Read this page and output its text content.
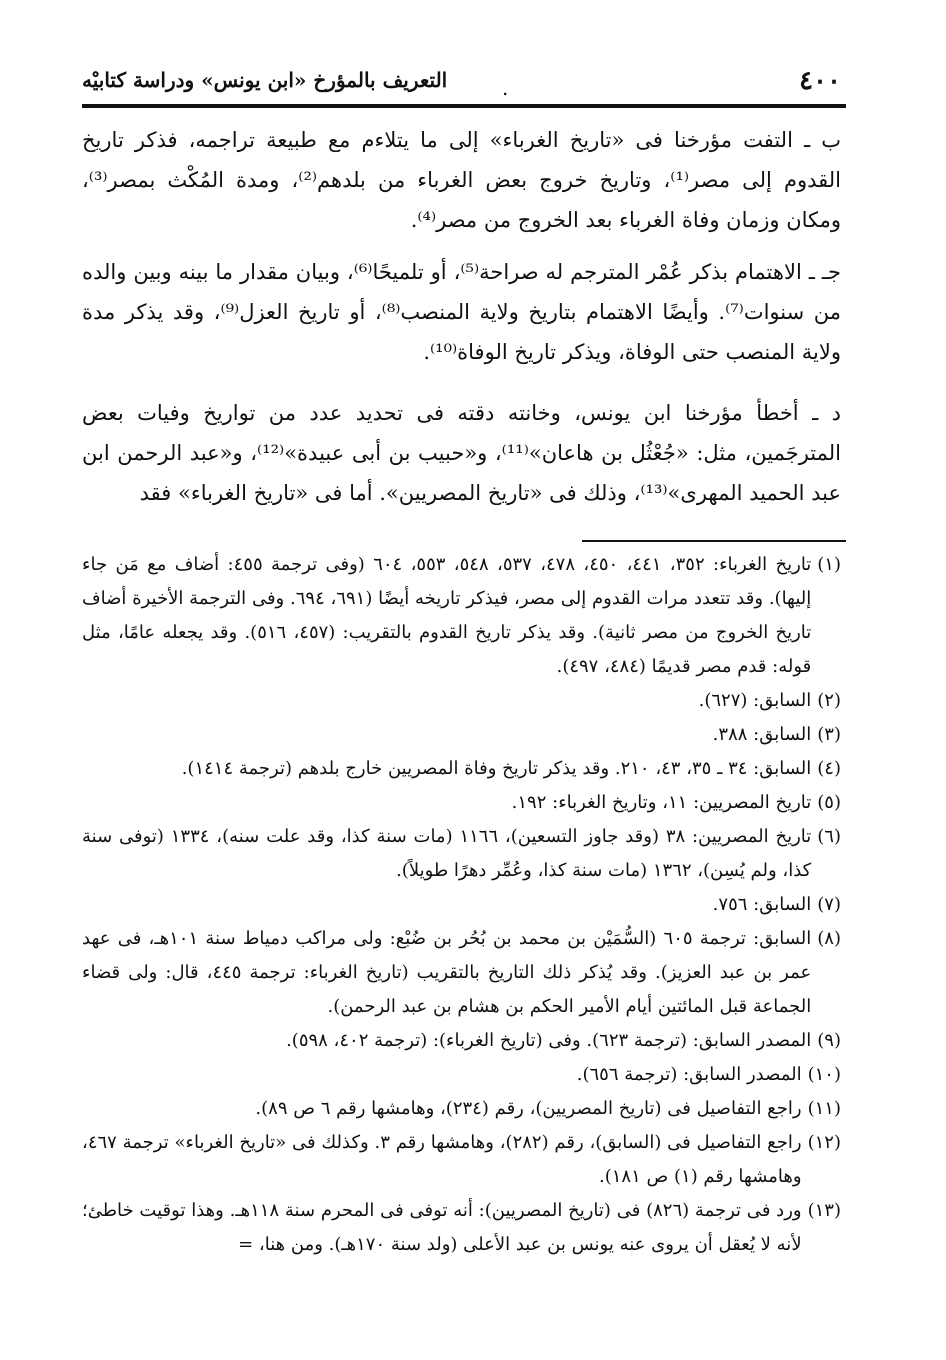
٤٠٠
.
التعريف بالمؤرخ «ابن يونس» ودراسة كتابيْه

ب ـ التفت مؤرخنا فى «تاريخ الغرباء» إلى ما يتلاءم مع طبيعة تراجمه، فذكر تاريخ القدوم إلى مصر⁽¹⁾، وتاريخ خروج بعض الغرباء من بلدهم⁽²⁾، ومدة المُكْث بمصر⁽³⁾، ومكان وزمان وفاة الغرباء بعد الخروج من مصر⁽⁴⁾.

جـ ـ الاهتمام بذكر عُمْر المترجم له صراحة⁽⁵⁾، أو تلميحًا⁽⁶⁾، وبيان مقدار ما بينه وبين والده من سنوات⁽⁷⁾. وأيضًا الاهتمام بتاريخ ولاية المنصب⁽⁸⁾، أو تاريخ العزل⁽⁹⁾، وقد يذكر مدة ولاية المنصب حتى الوفاة، ويذكر تاريخ الوفاة⁽¹⁰⁾.

د ـ أخطأ مؤرخنا ابن يونس، وخانته دقته فى تحديد عدد من تواريخ وفيات بعض المترجَمين، مثل: «جُعْثُل بن هاعان»⁽¹¹⁾، و«حبيب بن أبى عبيدة»⁽¹²⁾، و«عبد الرحمن ابن عبد الحميد المهرى»⁽¹³⁾، وذلك فى «تاريخ المصريين». أما فى «تاريخ الغرباء» فقد

(١)
تاريخ الغرباء: ٣٥٢، ٤٤١، ٤٥٠، ٤٧٨، ٥٣٧، ٥٤٨، ٥٥٣، ٦٠٤ (وفى ترجمة ٤٥٥: أضاف مع مَن جاء إليها). وقد تتعدد مرات القدوم إلى مصر، فيذكر تاريخه أيضًا (٦٩١، ٦٩٤. وفى الترجمة الأخيرة أضاف تاريخ الخروج من مصر ثانية). وقد يذكر تاريخ القدوم بالتقريب: (٤٥٧، ٥١٦). وقد يجعله عامًا، مثل قوله: قدم مصر قديمًا (٤٨٤، ٤٩٧).
(٢)
السابق: (٦٢٧).
(٣)
السابق: ٣٨٨.
(٤)
السابق: ٣٤ ـ ٣٥، ٤٣، ٢١٠. وقد يذكر تاريخ وفاة المصريين خارج بلدهم (ترجمة ١٤١٤).
(٥)
تاريخ المصريين: ١١، وتاريخ الغرباء: ١٩٢.
(٦)
تاريخ المصريين: ٣٨ (وقد جاوز التسعين)، ١١٦٦ (مات سنة كذا، وقد علت سنه)، ١٣٣٤ (توفى سنة كذا، ولم يُسِن)، ١٣٦٢ (مات سنة كذا، وعُمِّر دهرًا طويلاً).
(٧)
السابق: ٧٥٦.
(٨)
السابق: ترجمة ٦٠٥ (السُّمَيْن بن محمد بن بُحُر بن ضُبْع: ولى مراكب دمياط سنة ١٠١هـ، فى عهد عمر بن عبد العزيز). وقد يُذكر ذلك التاريخ بالتقريب (تاريخ الغرباء: ترجمة ٤٤٥، قال: ولى قضاء الجماعة قبل المائتين أيام الأمير الحكم بن هشام بن عبد الرحمن).
(٩)
المصدر السابق: (ترجمة ٦٢٣). وفى (تاريخ الغرباء): (ترجمة ٤٠٢، ٥٩٨).
(١٠)
المصدر السابق: (ترجمة ٦٥٦).
(١١)
راجع التفاصيل فى (تاريخ المصريين)، رقم (٢٣٤)، وهامشها رقم ٦ ص ٨٩).
(١٢)
راجع التفاصيل فى (السابق)، رقم (٢٨٢)، وهامشها رقم ٣. وكذلك فى «تاريخ الغرباء» ترجمة ٤٦٧، وهامشها رقم (١) ص ١٨١).
(١٣)
ورد فى ترجمة (٨٢٦) فى (تاريخ المصريين): أنه توفى فى المحرم سنة ١١٨هـ. وهذا توقيت خاطئ؛ لأنه لا يُعقل أن يروى عنه يونس بن عبد الأعلى (ولد سنة ١٧٠هـ). ومن هنا، =
